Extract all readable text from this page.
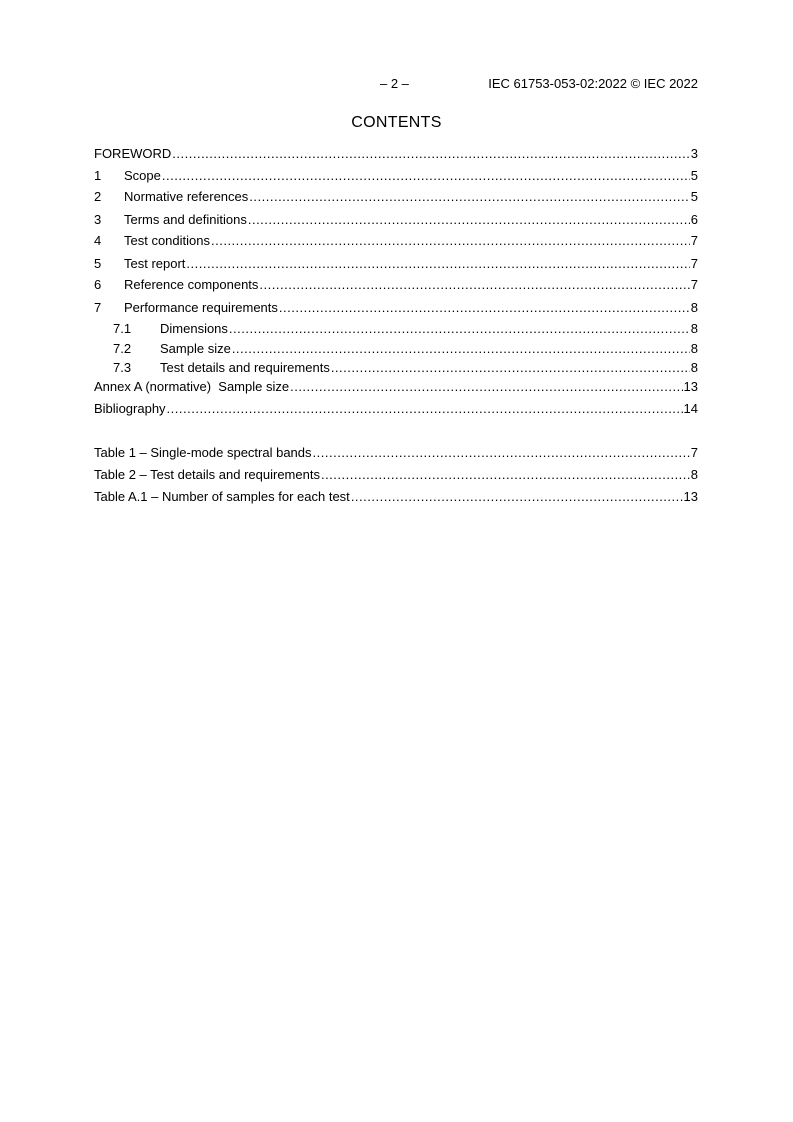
– 2 –	IEC 61753-053-02:2022 © IEC 2022
CONTENTS
FOREWORD .....	3
1	Scope .....	5
2	Normative references .....	5
3	Terms and definitions .....	6
4	Test conditions .....	7
5	Test report .....	7
6	Reference components .....	7
7	Performance requirements .....	8
7.1	Dimensions .....	8
7.2	Sample size .....	8
7.3	Test details and requirements .....	8
Annex A (normative)  Sample size .....	13
Bibliography .....	14
Table 1 – Single-mode spectral bands .....	7
Table 2 – Test details and requirements .....	8
Table A.1 – Number of samples for each test .....	13
